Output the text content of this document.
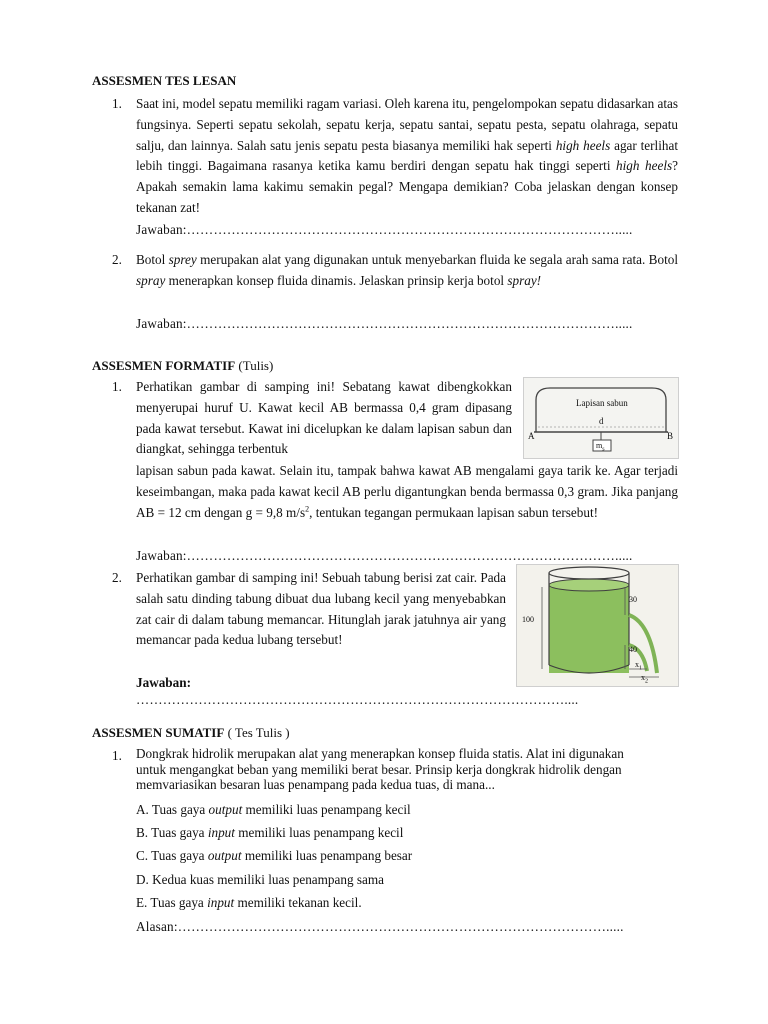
ASSESMEN TES LESAN
1.	Saat ini, model sepatu memiliki ragam variasi. Oleh karena itu, pengelompokan sepatu didasarkan atas fungsinya. Seperti sepatu sekolah, sepatu kerja, sepatu santai, sepatu pesta, sepatu olahraga, sepatu salju, dan lainnya. Salah satu jenis sepatu pesta biasanya memiliki hak seperti high heels agar terlihat lebih tinggi. Bagaimana rasanya ketika kamu berdiri dengan sepatu hak tinggi seperti high heels? Apakah semakin lama kakimu semakin pegal? Mengapa demikian? Coba jelaskan dengan konsep tekanan zat!
Jawaban:…………………………………………………………………………………….....
2.	Botol sprey merupakan alat yang digunakan untuk menyebarkan fluida ke segala arah sama rata. Botol spray menerapkan konsep fluida dinamis. Jelaskan prinsip kerja botol spray!
Jawaban:…………………………………………………………………………………….....
ASSESMEN FORMATIF (Tulis)
1.	Perhatikan gambar di samping ini! Sebatang kawat dibengkokkan menyerupai huruf U. Kawat kecil AB bermassa 0,4 gram dipasang pada kawat tersebut. Kawat ini dicelupkan ke dalam lapisan sabun dan diangkat, sehingga terbentuk
lapisan sabun pada kawat. Selain itu, tampak bahwa kawat AB mengalami gaya tarik ke. Agar terjadi keseimbangan, maka pada kawat kecil AB perlu digantungkan benda bermassa 0,3 gram. Jika panjang AB = 12 cm dengan g = 9,8 $m/s^2$, tentukan tegangan permukaan lapisan sabun tersebut!
Jawaban:…………………………………………………………………………………….....
Lapisan sabun
d
A	B
$m_s$
2.	Perhatikan gambar di samping ini! Sebuah tabung berisi zat cair. Pada salah satu dinding tabung dibuat dua lubang kecil yang menyebabkan zat cair di dalam tabung memancar. Hitunglah jarak jatuhnya air yang memancar pada kedua lubang tersebut!
Jawaban:
……………………………………………………………………………………....
100
30
40
$x_1$
$x_2$
ASSESMEN SUMATIF ( Tes Tulis )
1.	Dongkrak hidrolik merupakan alat yang menerapkan konsep fluida statis. Alat ini digunakan untuk mengangkat beban yang memiliki berat besar. Prinsip kerja dongkrak hidrolik dengan memvariasikan besaran luas penampang pada kedua tuas, di mana...
A. Tuas gaya output memiliki luas penampang kecil
B. Tuas gaya input memiliki luas penampang kecil
C. Tuas gaya output memiliki luas penampang besar
D. Kedua kuas memiliki luas penampang sama
E. Tuas gaya input memiliki tekanan kecil.
Alasan:…………………………………………………………………………………….....
